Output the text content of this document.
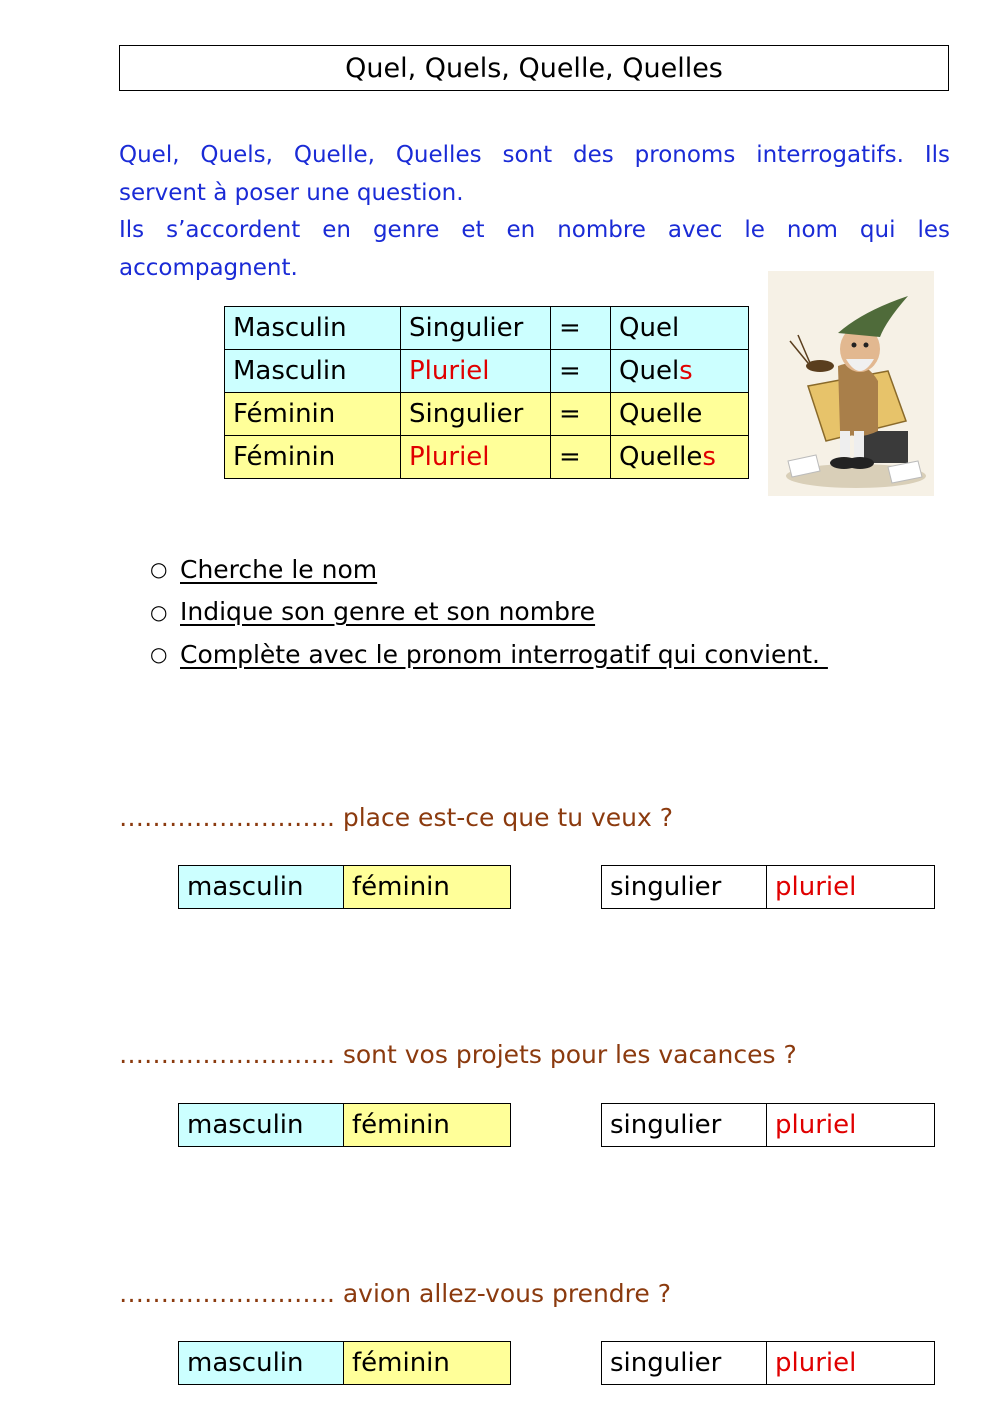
Quel, Quels, Quelle, Quelles

Quel, Quels, Quelle, Quelles sont des pronoms interrogatifs. Ils

servent à poser une question.

Ils s’accordent en genre et en nombre avec le nom qui les

accompagnent.

Masculin	Singulier	=	Quel
Masculin	Pluriel	=	Quels
Féminin	Singulier	=	Quelle
Féminin	Pluriel	=	Quelles
○ Cherche le nom
○ Indique son genre et son nombre
○ Complète avec le pronom interrogatif qui convient.
…………………….. place est-ce que tu veux ?
masculin	féminin	singulier	pluriel
…………………….. sont vos projets pour les vacances ?
masculin	féminin	singulier	pluriel
…………………….. avion allez-vous prendre ?
masculin	féminin	singulier	pluriel
